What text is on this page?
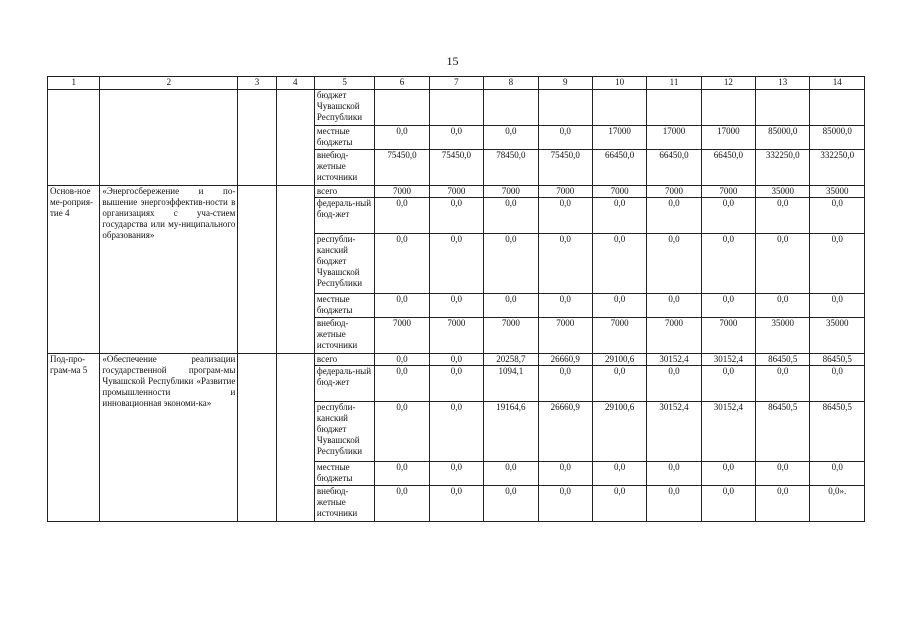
15
1	2	3	4	5	6	7	8	9	10	11	12	13	14
				бюджет Чувашской Республики									
				местные бюджеты	0,0	0,0	0,0	0,0	17000	17000	17000	85000,0	85000,0
				внебюд-жетные источники	75450,0	75450,0	78450,0	75450,0	66450,0	66450,0	66450,0	332250,0	332250,0
Основ-ное ме-роприя-тие 4	«Энергосбережение и по-вышение энергоэффектив-ности в организациях с уча-стием государства или му-ниципального образования»			всего	7000	7000	7000	7000	7000	7000	7000	35000	35000
				федераль-ный бюд-жет	0,0	0,0	0,0	0,0	0,0	0,0	0,0	0,0	0,0
				республи-канский бюджет Чувашской Республики	0,0	0,0	0,0	0,0	0,0	0,0	0,0	0,0	0,0
				местные бюджеты	0,0	0,0	0,0	0,0	0,0	0,0	0,0	0,0	0,0
				внебюд-жетные источники	7000	7000	7000	7000	7000	7000	7000	35000	35000
Под-про-грам-ма 5	«Обеспечение реализации государственной програм-мы Чувашской Республики «Развитие промышленности и инновационная экономи-ка»			всего	0,0	0,0	20258,7	26660,9	29100,6	30152,4	30152,4	86450,5	86450,5
				федераль-ный бюд-жет	0,0	0,0	1094,1	0,0	0,0	0,0	0,0	0,0	0,0
				республи-канский бюджет Чувашской Республики	0,0	0,0	19164,6	26660,9	29100,6	30152,4	30152,4	86450,5	86450,5
				местные бюджеты	0,0	0,0	0,0	0,0	0,0	0,0	0,0	0,0	0,0
				внебюд-жетные источники	0,0	0,0	0,0	0,0	0,0	0,0	0,0	0,0	0,0».
